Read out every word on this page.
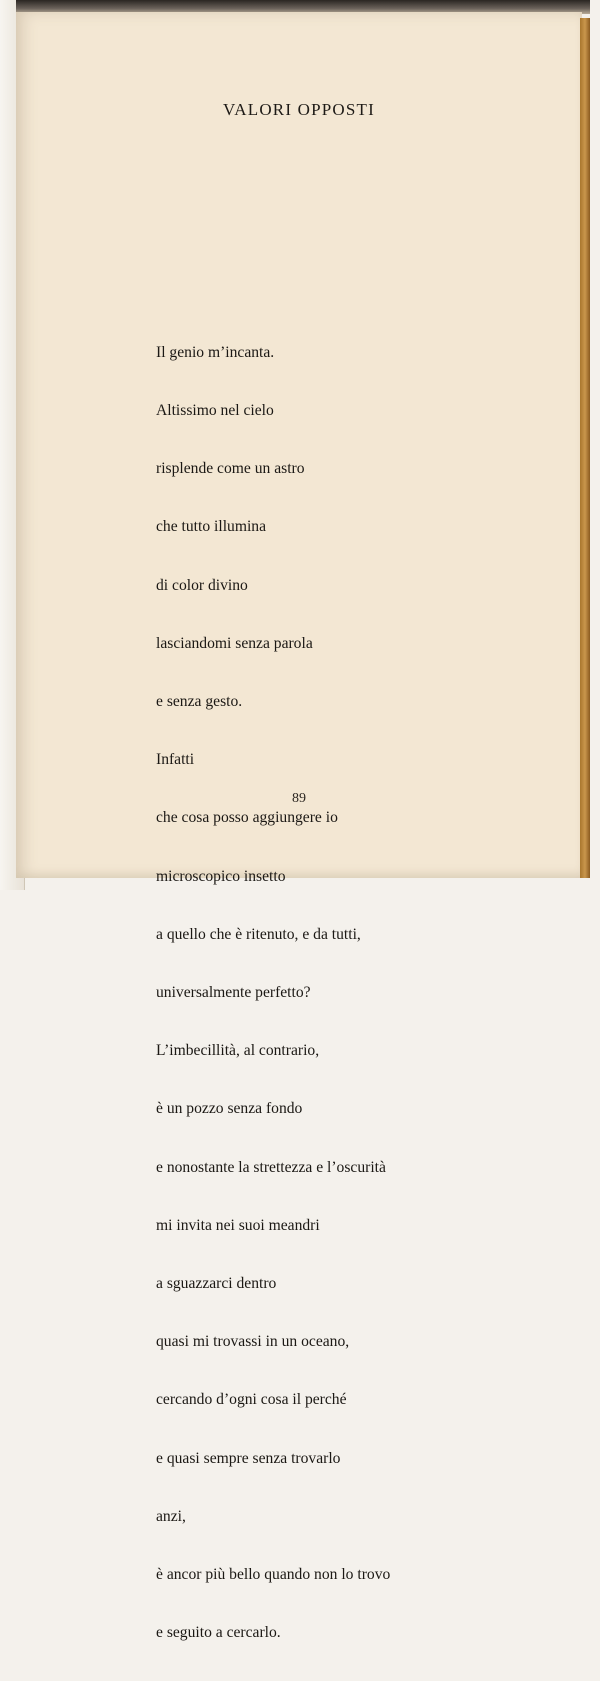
VALORI OPPOSTI

Il genio m’incanta.

Altissimo nel cielo

risplende come un astro

che tutto illumina

di color divino

lasciandomi senza parola

e senza gesto.

Infatti

che cosa posso aggiungere io

microscopico insetto

a quello che è ritenuto, e da tutti,

universalmente perfetto?

L’imbecillità, al contrario,

è un pozzo senza fondo

e nonostante la strettezza e l’oscurità

mi invita nei suoi meandri

a sguazzarci dentro

quasi mi trovassi in un oceano,

cercando d’ogni cosa il perché

e quasi sempre senza trovarlo

anzi,

è ancor più bello quando non lo trovo

e seguito a cercarlo.

89
